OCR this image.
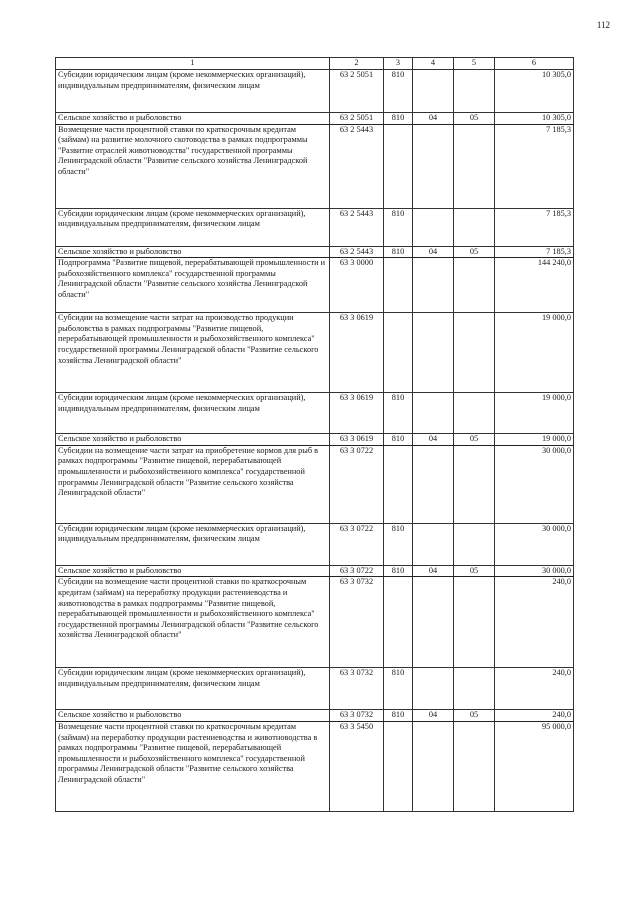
112
1	2	3	4	5	6
Субсидии юридическим лицам (кроме некоммерческих организаций), индивидуальным предпринимателям, физическим лицам	63 2 5051	810			10 305,0
Сельское хозяйство и рыболовство	63 2 5051	810	04	05	10 305,0
Возмещение части процентной ставки по краткосрочным кредитам (займам) на развитие молочного скотоводства в рамках подпрограммы "Развитие отраслей животноводства" государственной программы Ленинградской области "Развитие сельского хозяйства Ленинградской области"	63 2 5443				7 185,3
Субсидии юридическим лицам (кроме некоммерческих организаций), индивидуальным предпринимателям, физическим лицам	63 2 5443	810			7 185,3
Сельское хозяйство и рыболовство	63 2 5443	810	04	05	7 185,3
Подпрограмма "Развитие пищевой, перерабатывающей промышленности и рыбохозяйственного комплекса" государственной программы Ленинградской области "Развитие сельского хозяйства Ленинградской области"	63 3 0000				144 240,0
Субсидии на возмещение части затрат на производство продукции рыболовства в рамках подпрограммы "Развитие пищевой, перерабатывающей промышленности и рыбохозяйственного комплекса" государственной программы Ленинградской области "Развитие сельского хозяйства Ленинградской области"	63 3 0619				19 000,0
Субсидии юридическим лицам (кроме некоммерческих организаций), индивидуальным предпринимателям, физическим лицам	63 3 0619	810			19 000,0
Сельское хозяйство и рыболовство	63 3 0619	810	04	05	19 000,0
Субсидии на возмещение части затрат на приобретение кормов для рыб в рамках подпрограммы "Развитие пищевой, перерабатывающей промышленности и рыбохозяйственного комплекса" государственной программы Ленинградской области "Развитие сельского хозяйства Ленинградской области"	63 3 0722				30 000,0
Субсидии юридическим лицам (кроме некоммерческих организаций), индивидуальным предпринимателям, физическим лицам	63 3 0722	810			30 000,0
Сельское хозяйство и рыболовство	63 3 0722	810	04	05	30 000,0
Субсидии на возмещение части процентной ставки по краткосрочным кредитам (займам) на переработку продукции растениеводства и животноводства в рамках подпрограммы "Развитие пищевой, перерабатывающей промышленности и рыбохозяйственного комплекса" государственной программы Ленинградской области "Развитие сельского хозяйства Ленинградской области"	63 3 0732				240,0
Субсидии юридическим лицам (кроме некоммерческих организаций), индивидуальным предпринимателям, физическим лицам	63 3 0732	810			240,0
Сельское хозяйство и рыболовство	63 3 0732	810	04	05	240,0
Возмещение части процентной ставки по краткосрочным кредитам (займам) на переработку продукции растениеводства и животноводства в рамках подпрограммы "Развитие пищевой, перерабатывающей промышленности и рыбохозяйственного комплекса" государственной программы Ленинградской области "Развитие сельского хозяйства Ленинградской области"	63 3 5450				95 000,0
